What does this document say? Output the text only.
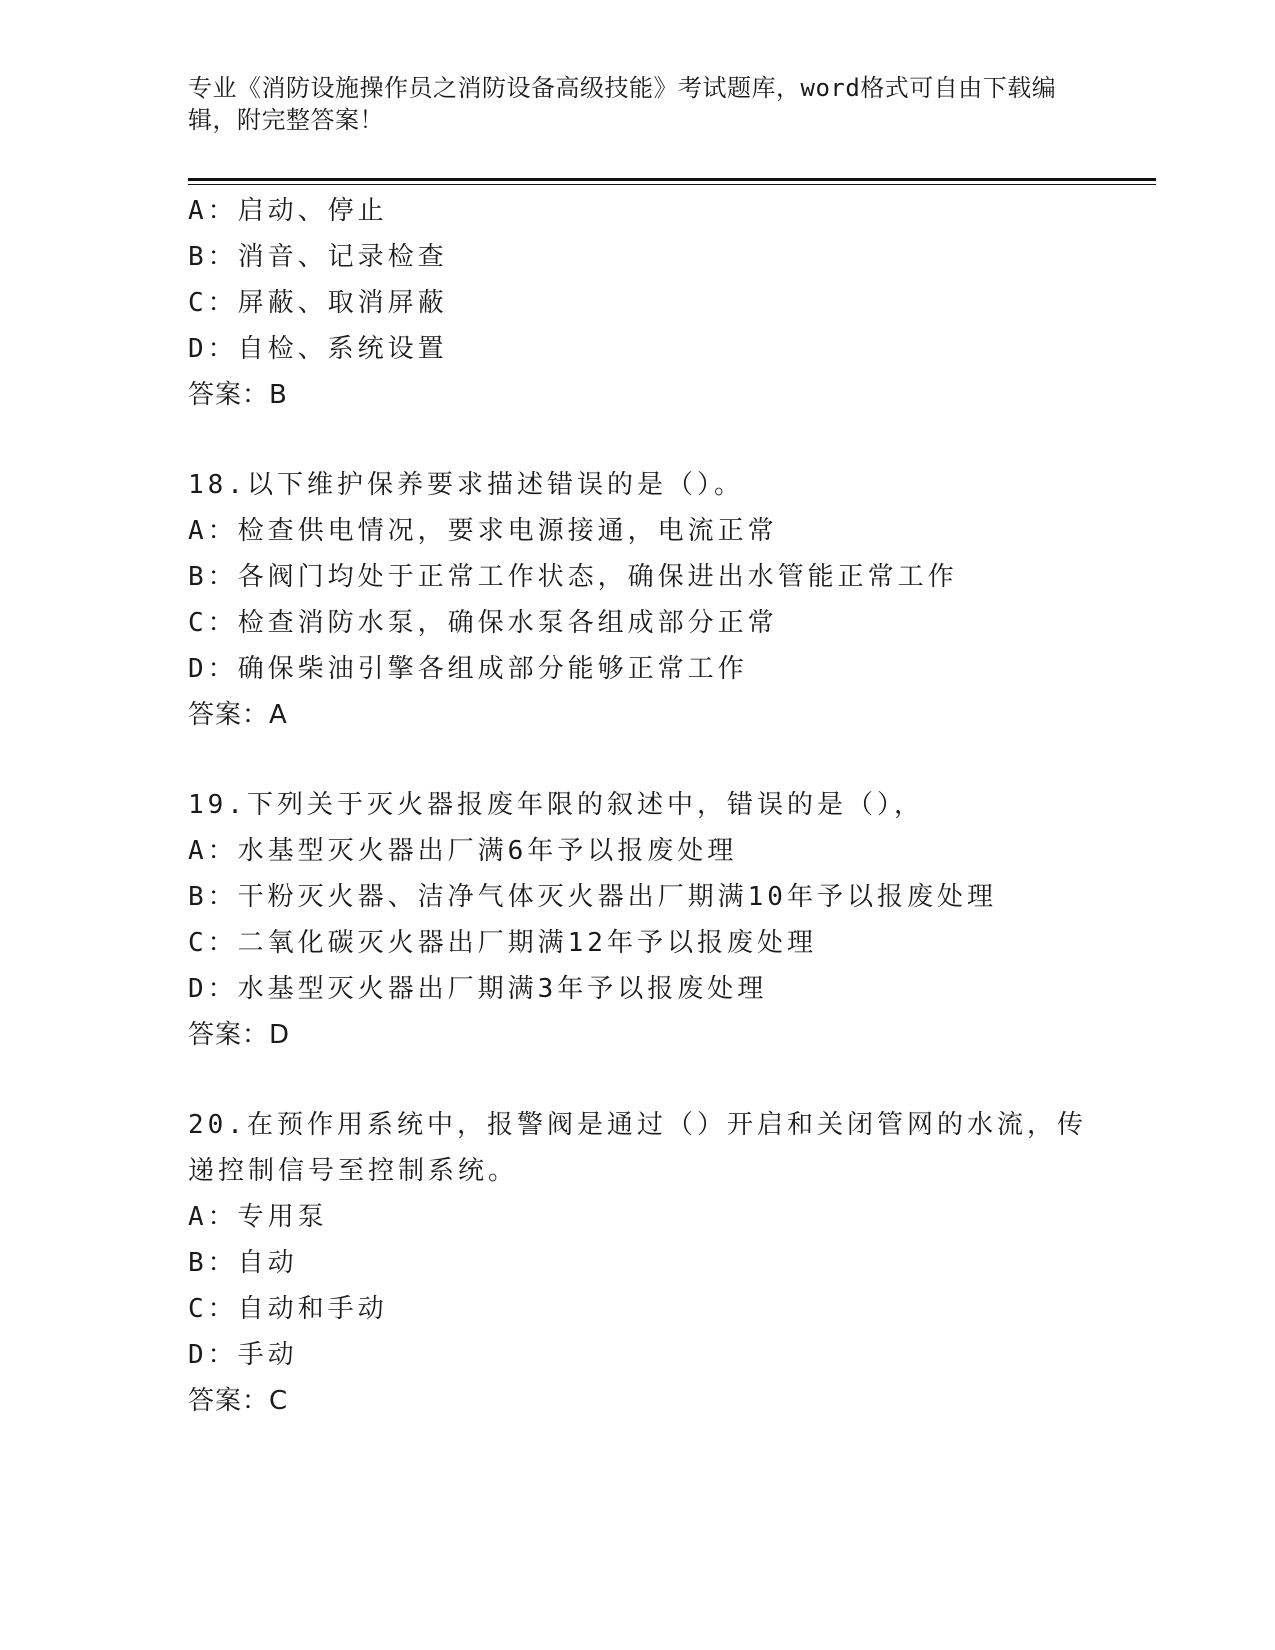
专业《消防设施操作员之消防设备高级技能》考试题库，word格式可自由下载编辑，附完整答案！
A：启动、停止
B：消音、记录检查
C：屏蔽、取消屏蔽
D：自检、系统设置
答案：B
18.以下维护保养要求描述错误的是（）。
A：检查供电情况，要求电源接通，电流正常
B：各阀门均处于正常工作状态，确保进出水管能正常工作
C：检查消防水泵，确保水泵各组成部分正常
D：确保柴油引擎各组成部分能够正常工作
答案：A
19.下列关于灭火器报废年限的叙述中，错误的是（），
A：水基型灭火器出厂满6年予以报废处理
B：干粉灭火器、洁净气体灭火器出厂期满10年予以报废处理
C：二氧化碳灭火器出厂期满12年予以报废处理
D：水基型灭火器出厂期满3年予以报废处理
答案：D
20.在预作用系统中，报警阀是通过（）开启和关闭管网的水流，传递控制信号至控制系统。
A：专用泵
B：自动
C：自动和手动
D：手动
答案：C
